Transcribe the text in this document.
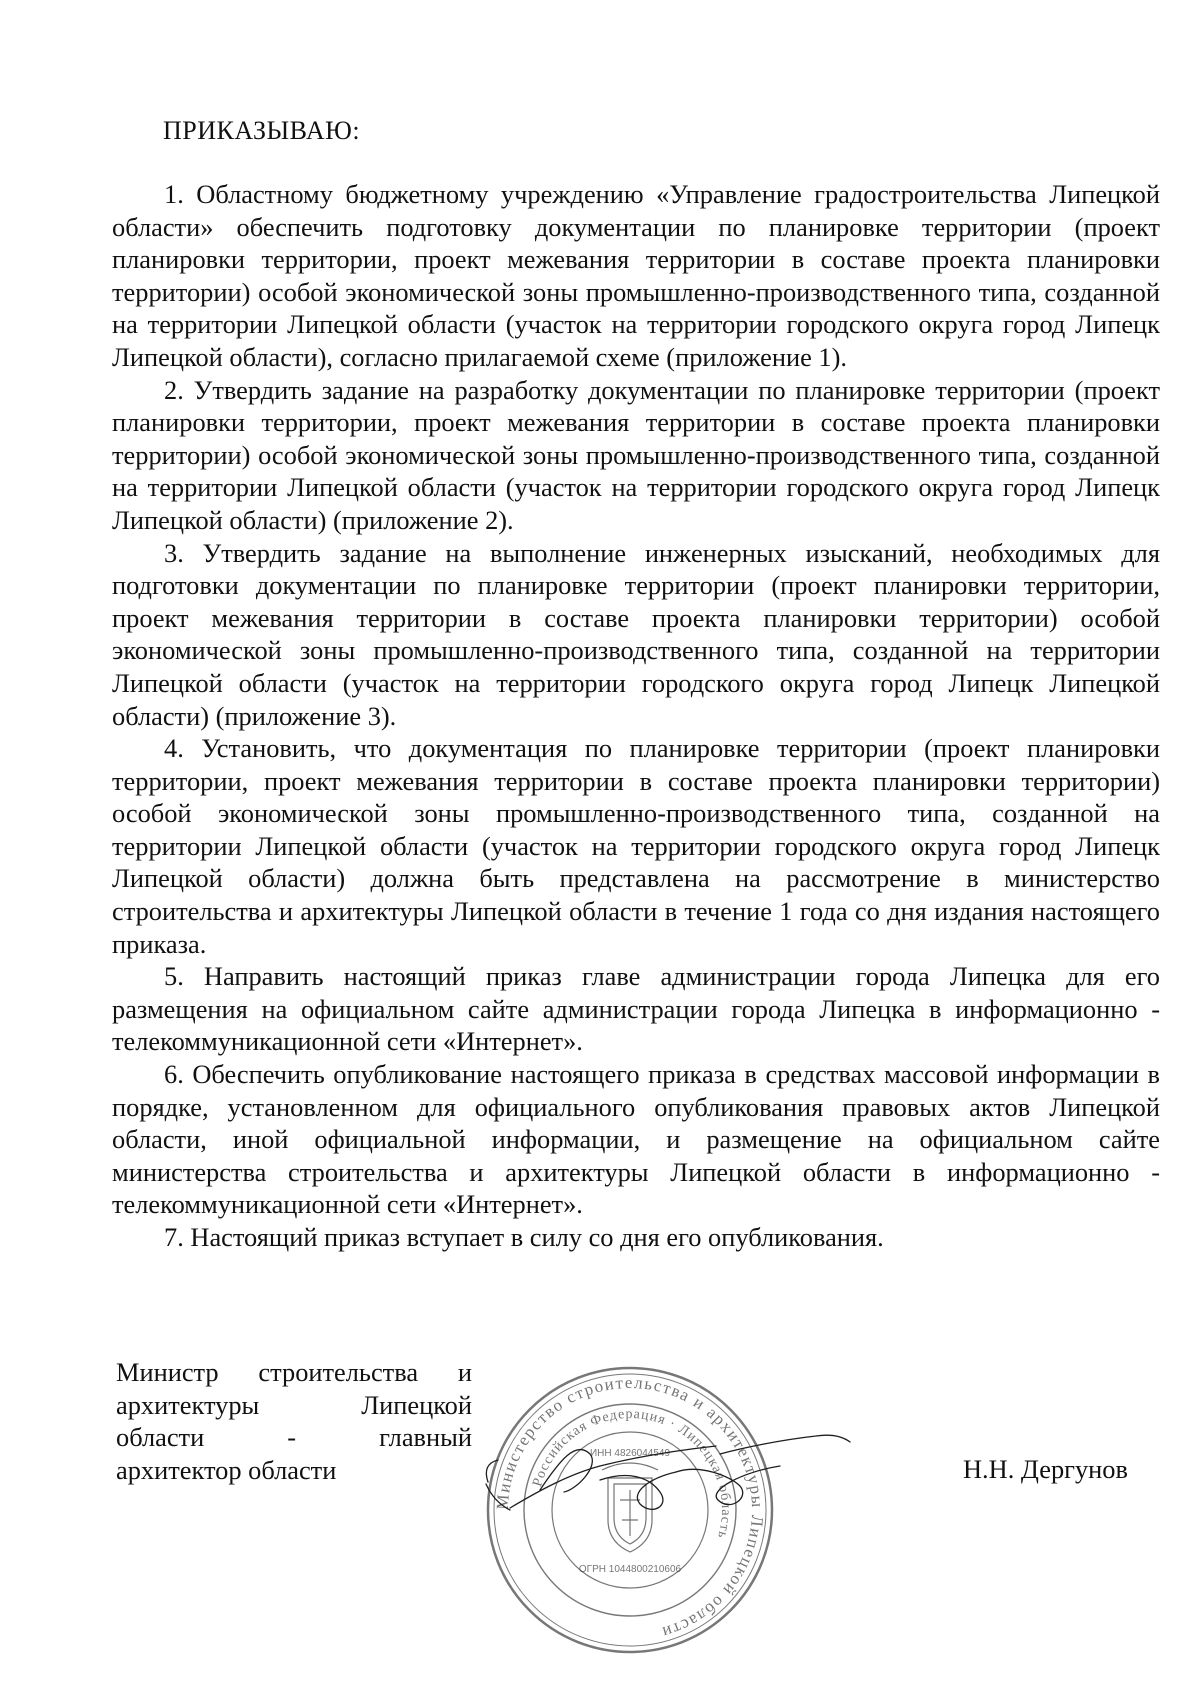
ПРИКАЗЫВАЮ:

1. Областному бюджетному учреждению «Управление градостроительства Липецкой области» обеспечить подготовку документации по планировке территории (проект планировки территории, проект межевания территории в составе проекта планировки территории) особой экономической зоны промышленно-производственного типа, созданной на территории Липецкой области (участок на территории городского округа город Липецк Липецкой области), согласно прилагаемой схеме (приложение 1).

2. Утвердить задание на разработку документации по планировке территории (проект планировки территории, проект межевания территории в составе проекта планировки территории) особой экономической зоны промышленно-производственного типа, созданной на территории Липецкой области (участок на территории городского округа город Липецк Липецкой области) (приложение 2).

3. Утвердить задание на выполнение инженерных изысканий, необходимых для подготовки документации по планировке территории (проект планировки территории, проект межевания территории в составе проекта планировки территории) особой экономической зоны промышленно-производственного типа, созданной на территории Липецкой области (участок на территории городского округа город Липецк Липецкой области) (приложение 3).

4. Установить, что документация по планировке территории (проект планировки территории, проект межевания территории в составе проекта планировки территории) особой экономической зоны промышленно-производственного типа, созданной на территории Липецкой области (участок на территории городского округа город Липецк Липецкой области) должна быть представлена на рассмотрение в министерство строительства и архитектуры Липецкой области в течение 1 года со дня издания настоящего приказа.

5. Направить настоящий приказ главе администрации города Липецка для его размещения на официальном сайте администрации города Липецка в информационно - телекоммуникационной сети «Интернет».

6. Обеспечить опубликование настоящего приказа в средствах массовой информации в порядке, установленном для официального опубликования правовых актов Липецкой области, иной официальной информации, и размещение на официальном сайте министерства строительства и архитектуры Липецкой области в информационно - телекоммуникационной сети «Интернет».

7. Настоящий приказ вступает в силу со дня его опубликования.

Министр строительства и
архитектуры Липецкой
области - главный
архитектор области
Министерство строительства и архитектуры Липецкой области
Российская Федерация · Липецкая область
ИНН 4826044549
ОГРН 1044800210606
Н.Н. Дергунов
